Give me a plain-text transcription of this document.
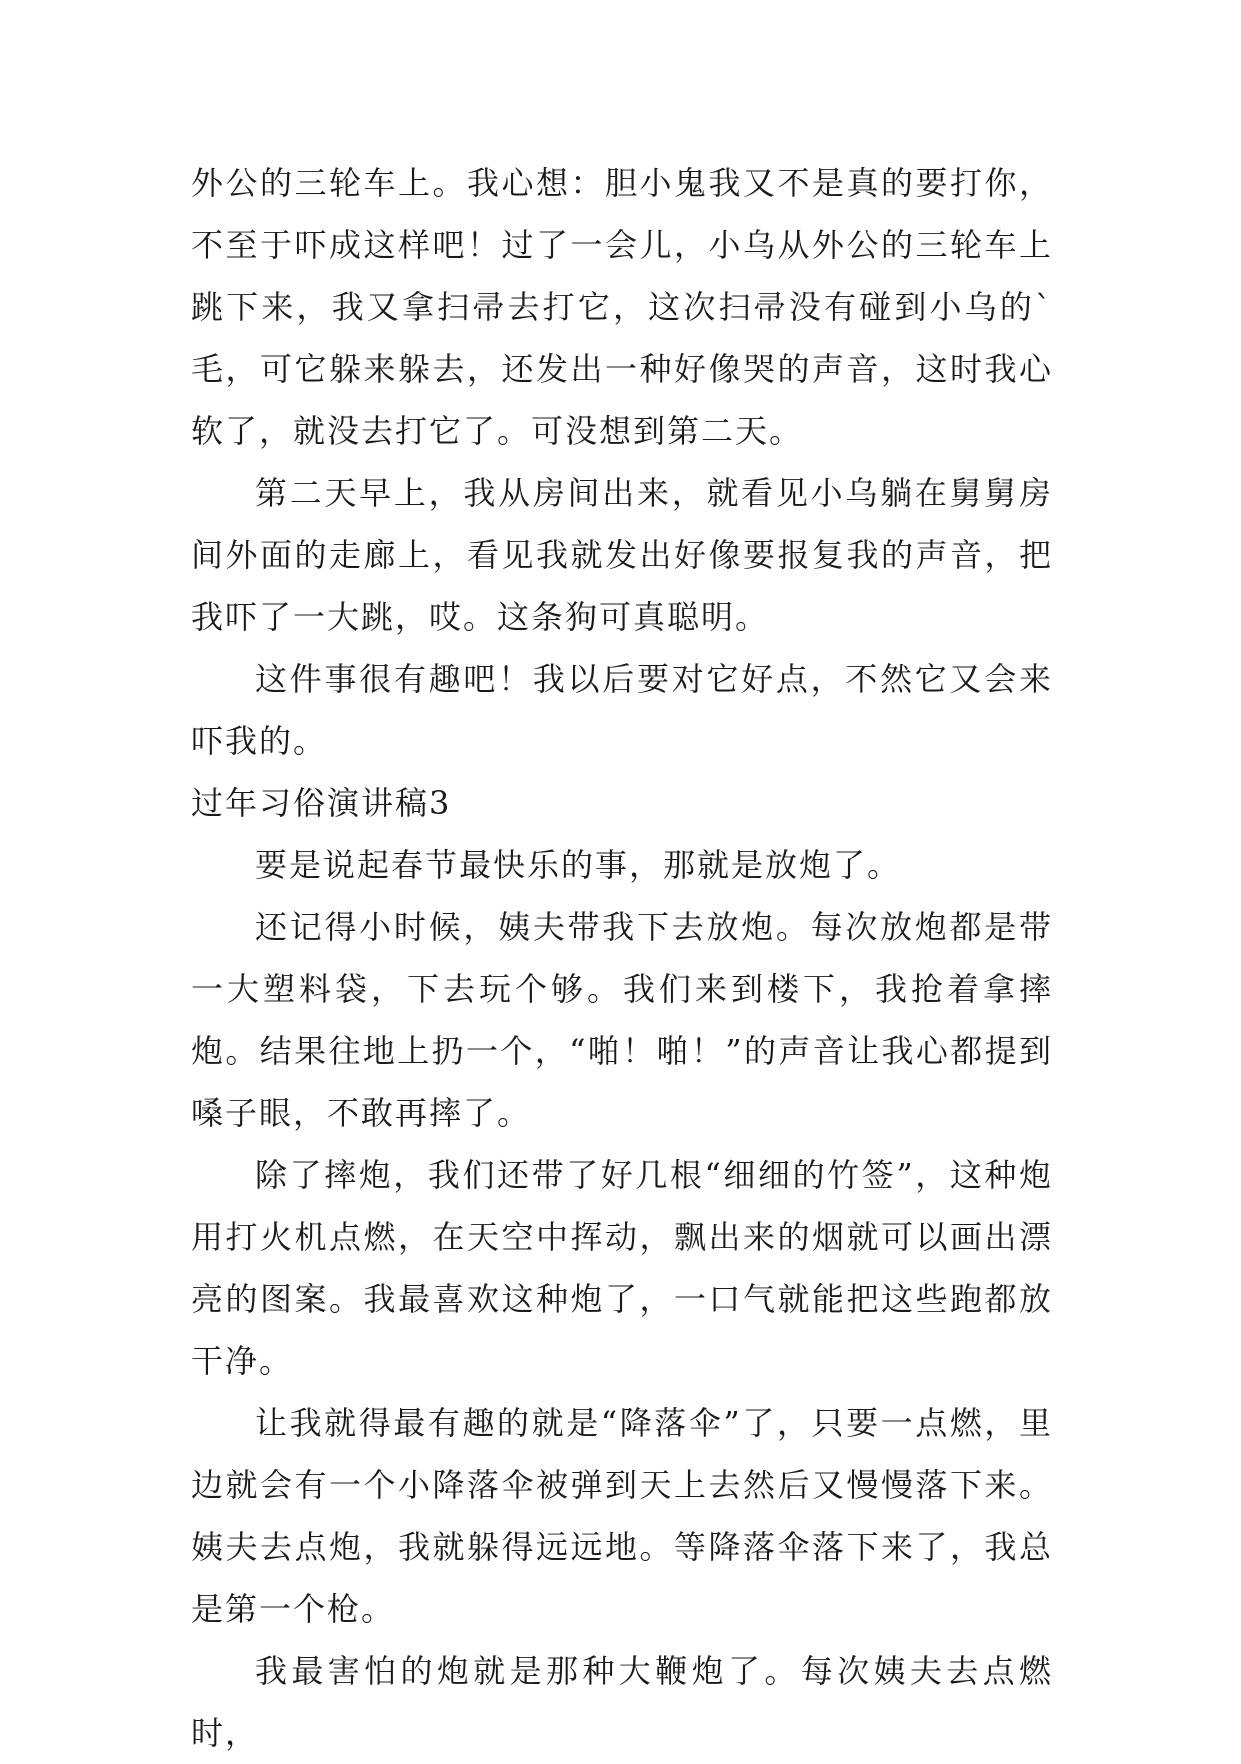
外公的三轮车上。我心想：胆小鬼我又不是真的要打你，不至于吓成这样吧！过了一会儿，小乌从外公的三轮车上跳下来，我又拿扫帚去打它，这次扫帚没有碰到小乌的`毛，可它躲来躲去，还发出一种好像哭的声音，这时我心软了，就没去打它了。可没想到第二天。

第二天早上，我从房间出来，就看见小乌躺在舅舅房间外面的走廊上，看见我就发出好像要报复我的声音，把我吓了一大跳，哎。这条狗可真聪明。

这件事很有趣吧！我以后要对它好点，不然它又会来吓我的。

过年习俗演讲稿3

要是说起春节最快乐的事，那就是放炮了。

还记得小时候，姨夫带我下去放炮。每次放炮都是带一大塑料袋，下去玩个够。我们来到楼下，我抢着拿摔炮。结果往地上扔一个，“啪！啪！”的声音让我心都提到嗓子眼，不敢再摔了。

除了摔炮，我们还带了好几根“细细的竹签”，这种炮用打火机点燃，在天空中挥动，飘出来的烟就可以画出漂亮的图案。我最喜欢这种炮了，一口气就能把这些跑都放干净。

让我就得最有趣的就是“降落伞”了，只要一点燃，里边就会有一个小降落伞被弹到天上去然后又慢慢落下来。姨夫去点炮，我就躲得远远地。等降落伞落下来了，我总是第一个枪。

我最害怕的炮就是那种大鞭炮了。每次姨夫去点燃时，
